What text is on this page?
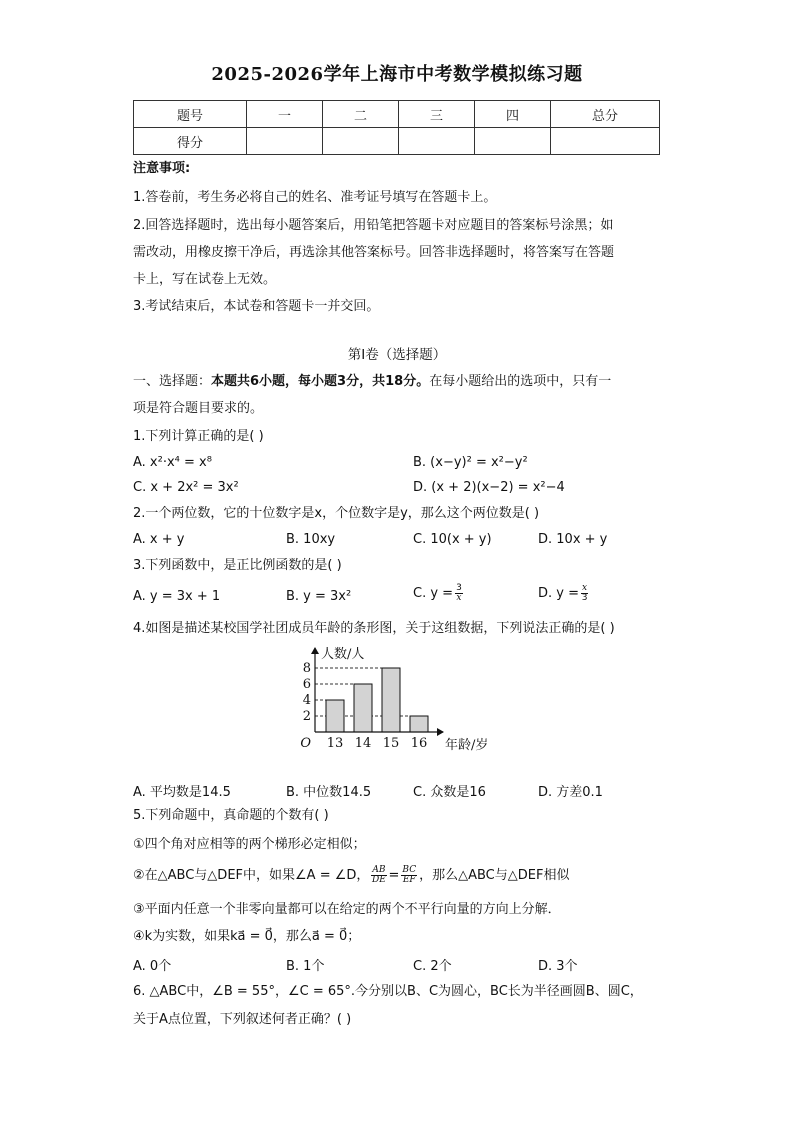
2025-2026学年上海市中考数学模拟练习题
题号	一	二	三	四	总分
得分					
注意事项:
1.答卷前，考生务必将自己的姓名、准考证号填写在答题卡上。
2.回答选择题时，选出每小题答案后，用铅笔把答题卡对应题目的答案标号涂黑；如
需改动，用橡皮擦干净后，再选涂其他答案标号。回答非选择题时，将答案写在答题
卡上，写在试卷上无效。
3.考试结束后，本试卷和答题卡一并交回。
第I卷（选择题）
一、选择题：本题共6小题，每小题3分，共18分。在每小题给出的选项中，只有一
项是符合题目要求的。
1.下列计算正确的是( )
A. x²·x⁴ = x⁸	B. (x−y)² = x²−y²
C. x + 2x² = 3x²	D. (x + 2)(x−2) = x²−4
2.一个两位数，它的十位数字是x，个位数字是y，那么这个两位数是( )
A. x + y	B. 10xy	C. 10(x + y)	D. 10x + y
3.下列函数中，是正比例函数的是( )
A. y = 3x + 1	B. y = 3x²	C. $y = \frac{3}{x}$	D. $y = \frac{x}{3}$
4.如图是描述某校国学社团成员年龄的条形图，关于这组数据，下列说法正确的是( )
2
4
6
8
13 14 15 16
O
人数/人
年龄/岁
A. 平均数是14.5	B. 中位数14.5	C. 众数是16	D. 方差0.1
5.下列命题中，真命题的个数有( )
①四个角对应相等的两个梯形必定相似；
②在△ABC与△DEF中，如果∠A = ∠D， $\frac{AB}{DE} = \frac{BC}{EF}$ ，那么△ABC与△DEF相似
③平面内任意一个非零向量都可以在给定的两个不平行向量的方向上分解．
④k为实数，如果ka⃗ = 0⃗，那么a⃗ = 0⃗；
A. 0个	B. 1个	C. 2个	D. 3个
6. △ABC中，∠B = 55°，∠C = 65°.今分别以B、C为圆心，BC长为半径画圆B、圆C，
关于A点位置，下列叙述何者正确？( )
